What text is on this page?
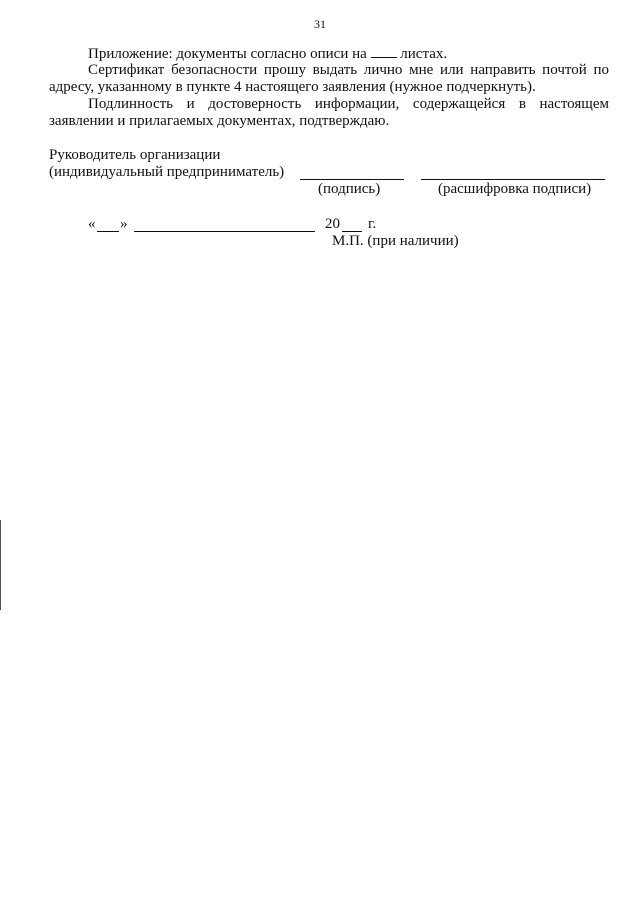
31
Приложение: документы согласно описи на листах.
Сертификат безопасности прошу выдать лично мне или направить почтой по адресу, указанному в пункте 4 настоящего заявления (нужное подчеркнуть).
Подлинность и достоверность информации, содержащейся в настоящем заявлении и прилагаемых документах, подтверждаю.
Руководитель организации
(индивидуальный предприниматель)
(подпись)	(расшифровка подписи)
« »	20 г.
М.П. (при наличии)
